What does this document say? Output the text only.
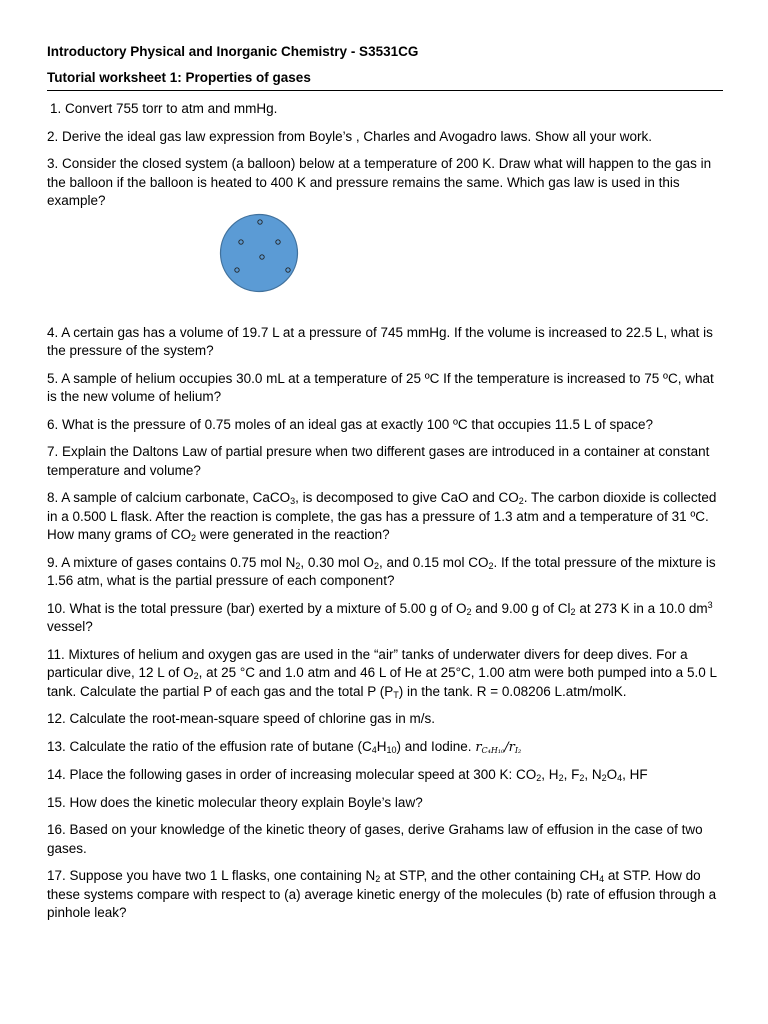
Introductory Physical and Inorganic Chemistry - S3531CG

Tutorial worksheet 1: Properties of gases

1. Convert 755 torr to atm and mmHg.

2. Derive the ideal gas law expression from Boyle’s , Charles and Avogadro laws. Show all your work.

3. Consider the closed system (a balloon) below at a temperature of 200 K. Draw what will happen to the gas in the balloon if the balloon is heated to 400 K and pressure remains the same. Which gas law is used in this example?

4. A certain gas has a volume of 19.7 L at a pressure of 745 mmHg. If the volume is increased to 22.5 L, what is the pressure of the system?

5. A sample of helium occupies 30.0 mL at a temperature of 25 ºC If the temperature is increased to 75 ºC, what is the new volume of helium?

6. What is the pressure of 0.75 moles of an ideal gas at exactly 100 ºC that occupies 11.5 L of space?

7. Explain the Daltons Law of partial presure when two different gases are introduced in a container at constant temperature and volume?

8. A sample of calcium carbonate, CaCO$_3$, is decomposed to give CaO and $CO_2$. The carbon dioxide is collected in a 0.500 L flask. After the reaction is complete, the gas has a pressure of 1.3 atm and a temperature of 31 ºC. How many grams of $CO_2$ were generated in the reaction?

9. A mixture of gases contains 0.75 mol $N_2$, 0.30 mol $O_2$, and 0.15 mol $CO_2$. If the total pressure of the mixture is 1.56 atm, what is the partial pressure of each component?

10. What is the total pressure (bar) exerted by a mixture of 5.00 g of $O_2$ and 9.00 g of $Cl_2$ at 273 K in a 10.0 $dm^3$ vessel?

11. Mixtures of helium and oxygen gas are used in the “air” tanks of underwater divers for deep dives. For a particular dive, 12 L of $O_2$, at 25 °C and 1.0 atm and 46 L of He at 25°C, 1.00 atm were both pumped into a 5.0 L tank. Calculate the partial P of each gas and the total P $(P_T)$ in the tank. R = 0.08206 L.atm/molK.

12. Calculate the root-mean-square speed of chlorine gas in m/s.

13. Calculate the ratio of the effusion rate of butane $(C_4H_{10})$ and Iodine. $r_{C_4H_{10}}/r_{I_2}$

14. Place the following gases in order of increasing molecular speed at 300 K: $CO_2$, $H_2$, $F_2$, $N_2O_4$, HF

15. How does the kinetic molecular theory explain Boyle’s law?

16. Based on your knowledge of the kinetic theory of gases, derive Grahams law of effusion in the case of two gases.

17. Suppose you have two 1 L flasks, one containing $N_2$ at STP, and the other containing $CH_4$ at STP. How do these systems compare with respect to (a) average kinetic energy of the molecules (b) rate of effusion through a pinhole leak?
